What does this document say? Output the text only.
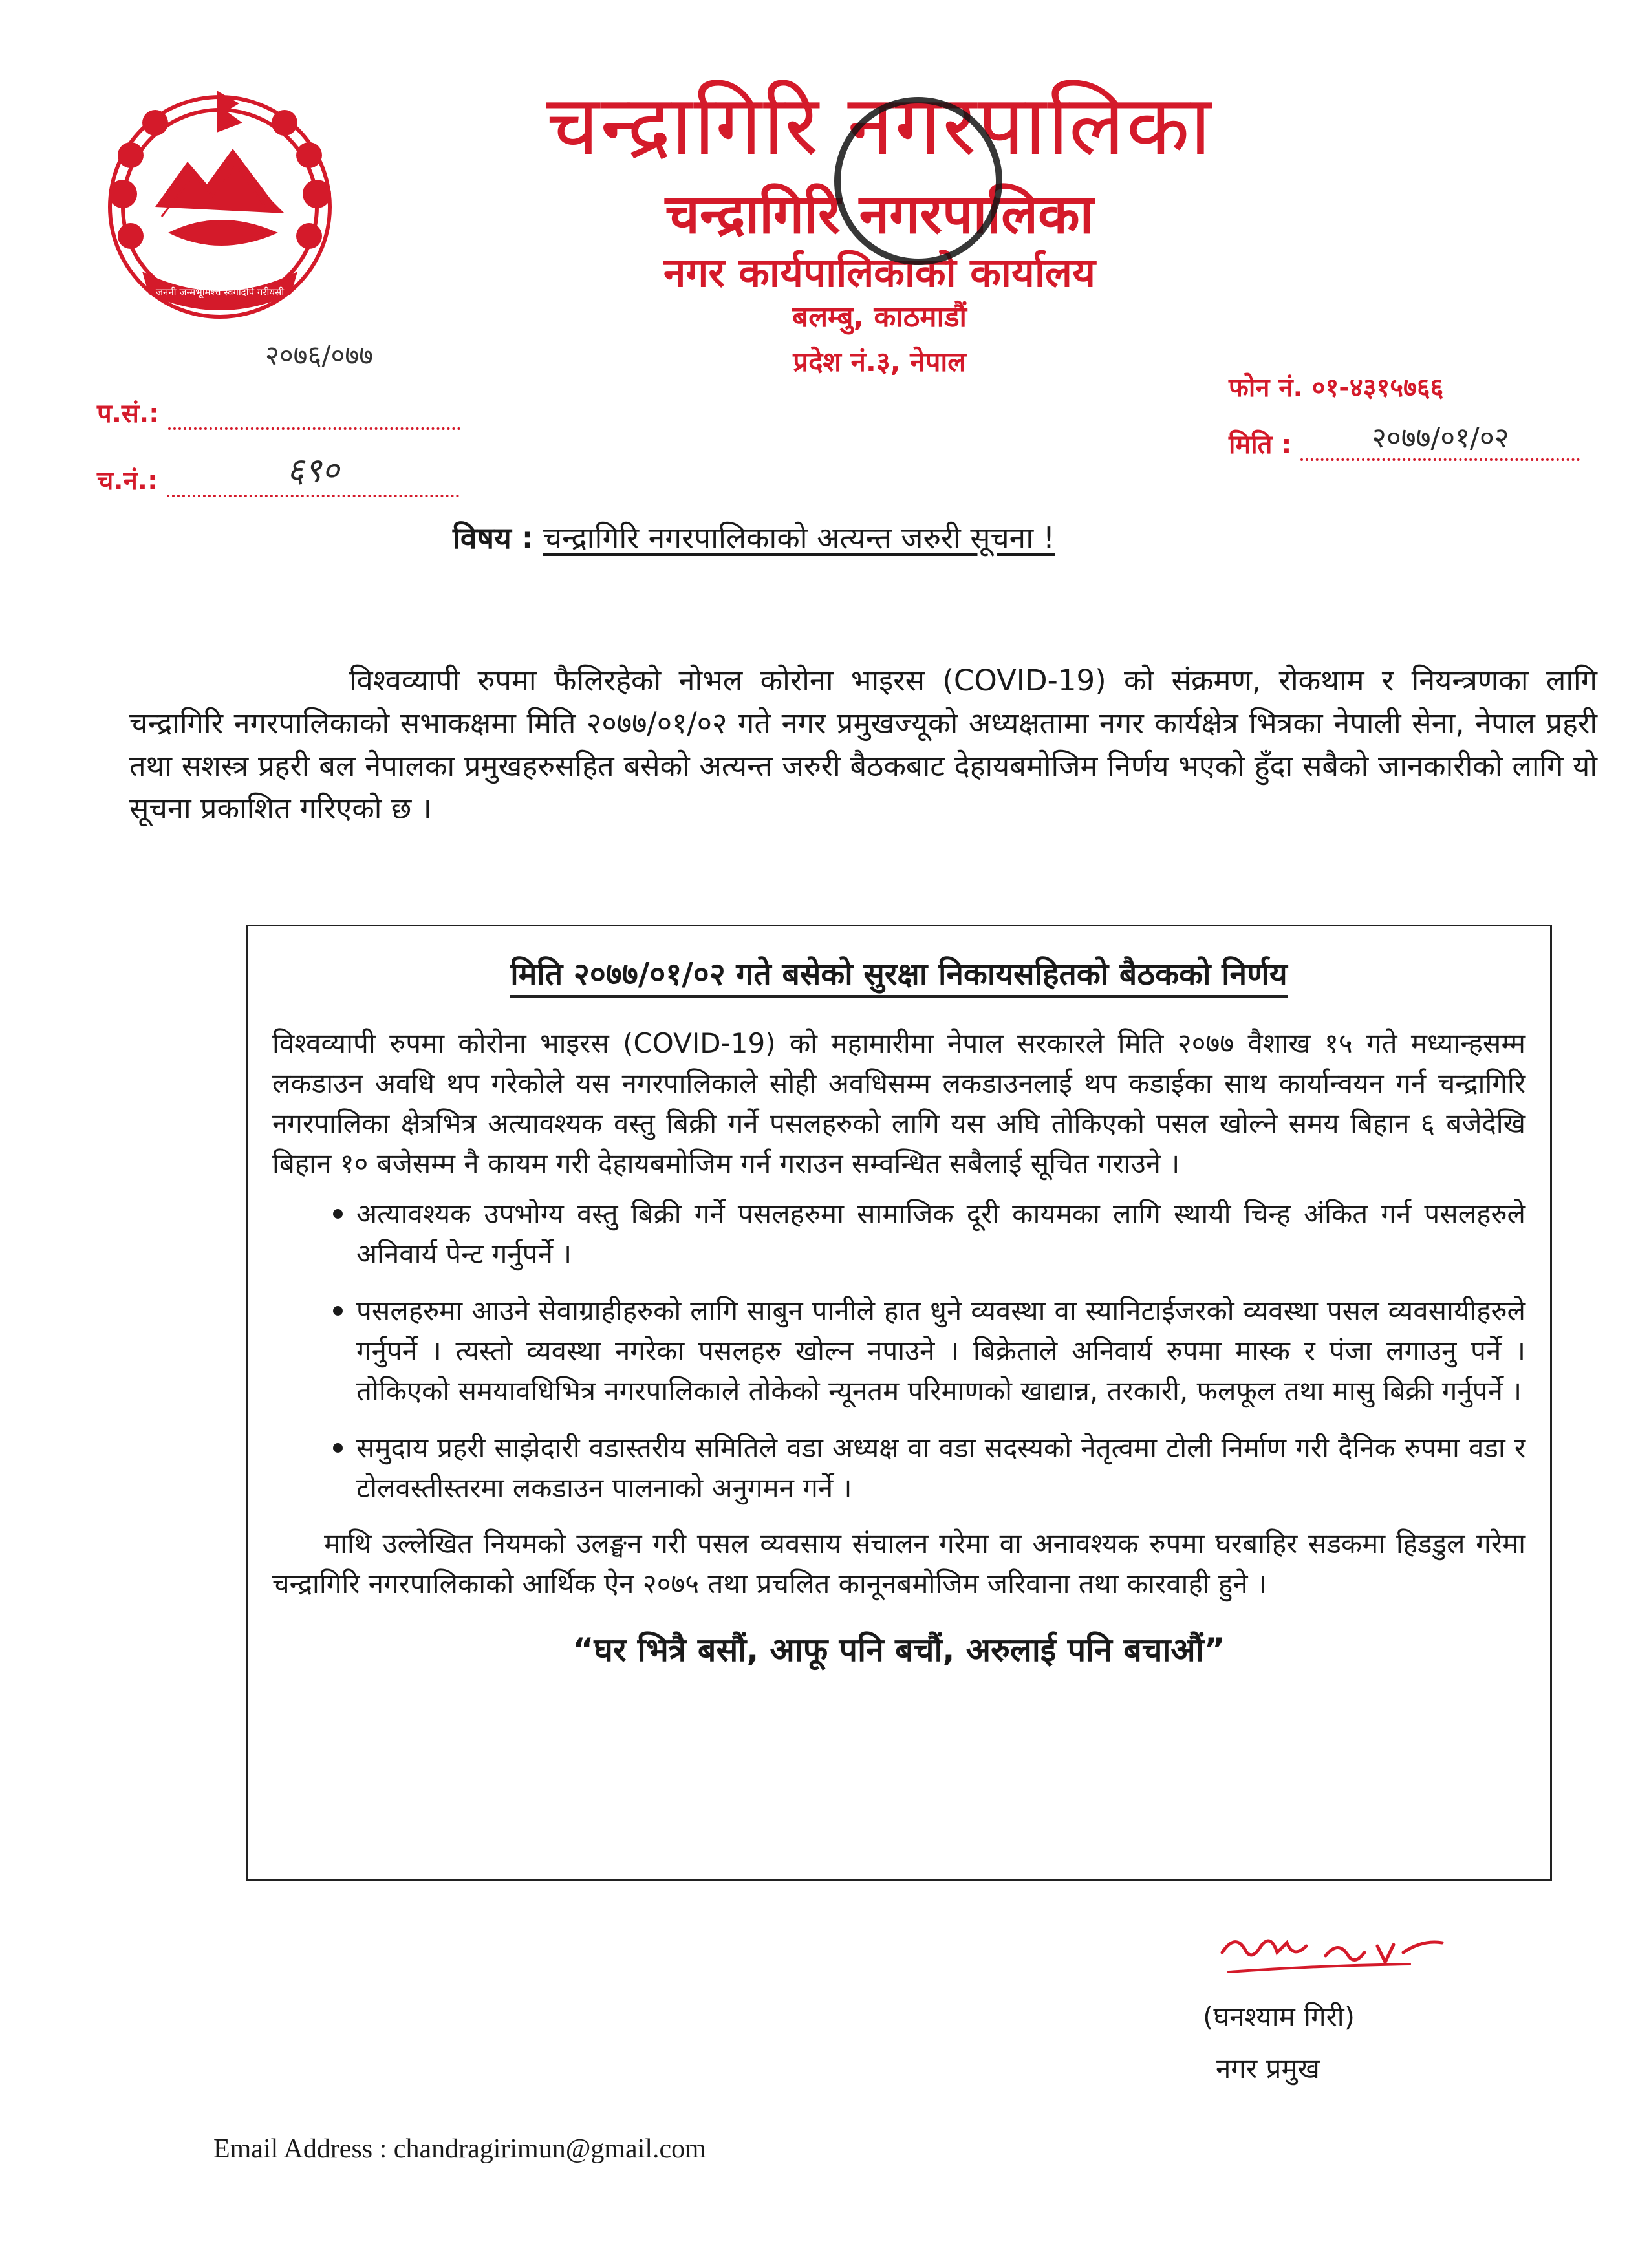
जननी जन्मभूमिश्च स्वर्गादपि गरीयसी
चन्द्रागिरि नगरपालिका
चन्द्रागिरि नगरपालिका
नगर कार्यपालिकाको कार्यालय
बलम्बु, काठमाडौं
प्रदेश नं.३, नेपाल
२०७६/०७७
प.सं.:
च.नं.:	६९०
फोन नं. ०१-४३१५७६६
मिति :	२०७७/०१/०२
विषय : चन्द्रागिरि नगरपालिकाको अत्यन्त जरुरी सूचना !
विश्वव्यापी रुपमा फैलिरहेको नोभल कोरोना भाइरस (COVID-19) को संक्रमण, रोकथाम र नियन्त्रणका लागि चन्द्रागिरि नगरपालिकाको सभाकक्षमा मिति २०७७/०१/०२ गते नगर प्रमुखज्यूको अध्यक्षतामा नगर कार्यक्षेत्र भित्रका नेपाली सेना, नेपाल प्रहरी तथा सशस्त्र प्रहरी बल नेपालका प्रमुखहरुसहित बसेको अत्यन्त जरुरी बैठकबाट देहायबमोजिम निर्णय भएको हुँदा सबैको जानकारीको लागि यो सूचना प्रकाशित गरिएको छ ।
मिति २०७७/०१/०२ गते बसेको सुरक्षा निकायसहितको बैठकको निर्णय
विश्वव्यापी रुपमा कोरोना भाइरस (COVID-19) को महामारीमा नेपाल सरकारले मिति २०७७ वैशाख १५ गते मध्यान्हसम्म लकडाउन अवधि थप गरेकोले यस नगरपालिकाले सोही अवधिसम्म लकडाउनलाई थप कडाईका साथ कार्यान्वयन गर्न चन्द्रागिरि नगरपालिका क्षेत्रभित्र अत्यावश्यक वस्तु बिक्री गर्ने पसलहरुको लागि यस अघि तोकिएको पसल खोल्ने समय बिहान ६ बजेदेखि बिहान १० बजेसम्म नै कायम गरी देहायबमोजिम गर्न गराउन सम्वन्धित सबैलाई सूचित गराउने ।
• अत्यावश्यक उपभोग्य वस्तु बिक्री गर्ने पसलहरुमा सामाजिक दूरी कायमका लागि स्थायी चिन्ह अंकित गर्न पसलहरुले अनिवार्य पेन्ट गर्नुपर्ने ।
• पसलहरुमा आउने सेवाग्राहीहरुको लागि साबुन पानीले हात धुने व्यवस्था वा स्यानिटाईजरको व्यवस्था पसल व्यवसायीहरुले गर्नुपर्ने । त्यस्तो व्यवस्था नगरेका पसलहरु खोल्न नपाउने । बिक्रेताले अनिवार्य रुपमा मास्क र पंजा लगाउनु पर्ने । तोकिएको समयावधिभित्र नगरपालिकाले तोकेको न्यूनतम परिमाणको खाद्यान्न, तरकारी, फलफूल तथा मासु बिक्री गर्नुपर्ने ।
• समुदाय प्रहरी साझेदारी वडास्तरीय समितिले वडा अध्यक्ष वा वडा सदस्यको नेतृत्वमा टोली निर्माण गरी दैनिक रुपमा वडा र टोलवस्तीस्तरमा लकडाउन पालनाको अनुगमन गर्ने ।
माथि उल्लेखित नियमको उलङ्घन गरी पसल व्यवसाय संचालन गरेमा वा अनावश्यक रुपमा घरबाहिर सडकमा हिडडुल गरेमा चन्द्रागिरि नगरपालिकाको आर्थिक ऐन २०७५ तथा प्रचलित कानूनबमोजिम जरिवाना तथा कारवाही हुने ।
“घर भित्रै बसौं, आफू पनि बचौं, अरुलाई पनि बचाऔं”
(घनश्याम गिरी)
नगर प्रमुख
Email Address : chandragirimun@gmail.com
